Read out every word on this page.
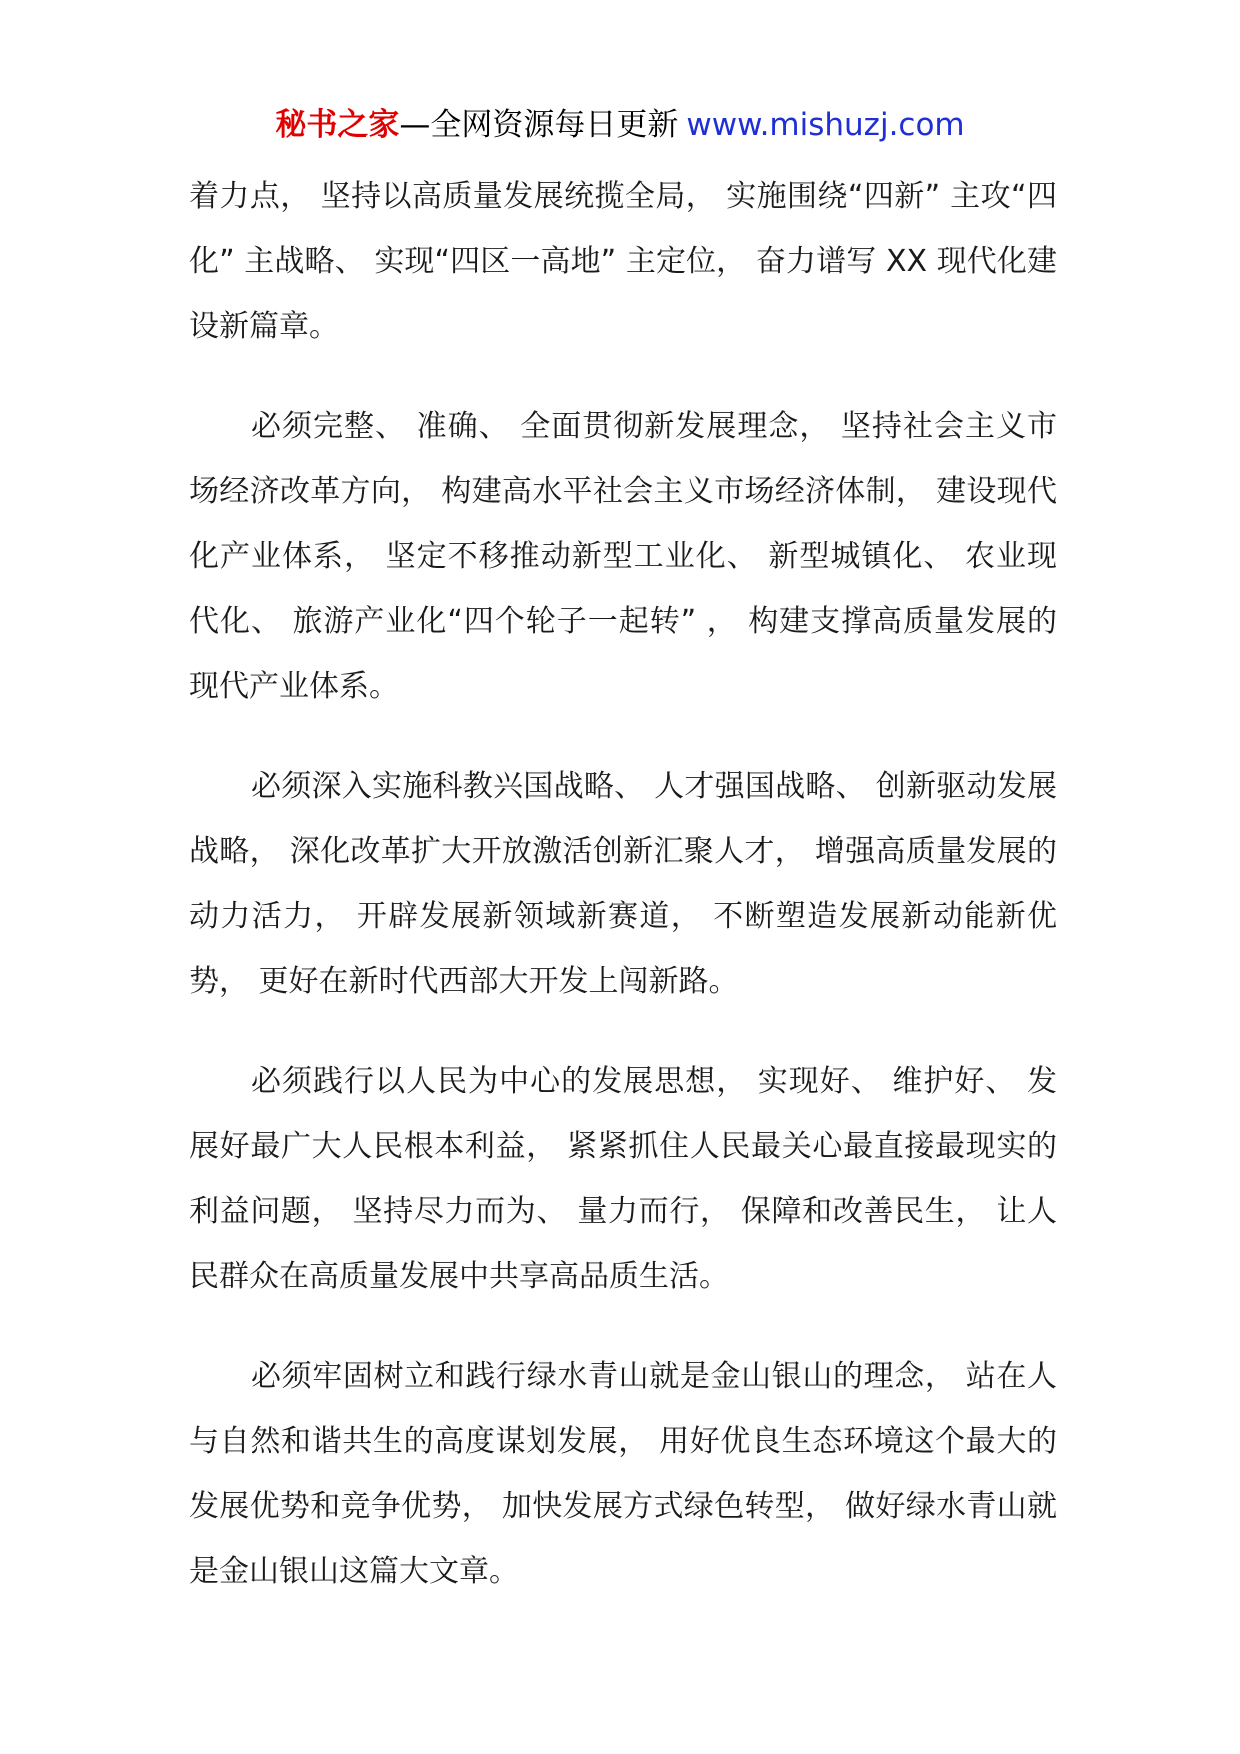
秘书之家—全网资源每日更新 www.mishuzj.com

着力点， 坚持以高质量发展统揽全局， 实施围绕“四新” 主攻“四化” 主战略、 实现“四区一高地” 主定位， 奋力谱写 XX 现代化建设新篇章。

必须完整、 准确、 全面贯彻新发展理念， 坚持社会主义市场经济改革方向， 构建高水平社会主义市场经济体制， 建设现代化产业体系， 坚定不移推动新型工业化、 新型城镇化、 农业现代化、 旅游产业化“四个轮子一起转” ， 构建支撑高质量发展的现代产业体系。

必须深入实施科教兴国战略、 人才强国战略、 创新驱动发展战略， 深化改革扩大开放激活创新汇聚人才， 增强高质量发展的动力活力， 开辟发展新领域新赛道， 不断塑造发展新动能新优势， 更好在新时代西部大开发上闯新路。

必须践行以人民为中心的发展思想， 实现好、 维护好、 发展好最广大人民根本利益， 紧紧抓住人民最关心最直接最现实的利益问题， 坚持尽力而为、 量力而行， 保障和改善民生， 让人民群众在高质量发展中共享高品质生活。

必须牢固树立和践行绿水青山就是金山银山的理念， 站在人与自然和谐共生的高度谋划发展， 用好优良生态环境这个最大的发展优势和竞争优势， 加快发展方式绿色转型， 做好绿水青山就是金山银山这篇大文章。
